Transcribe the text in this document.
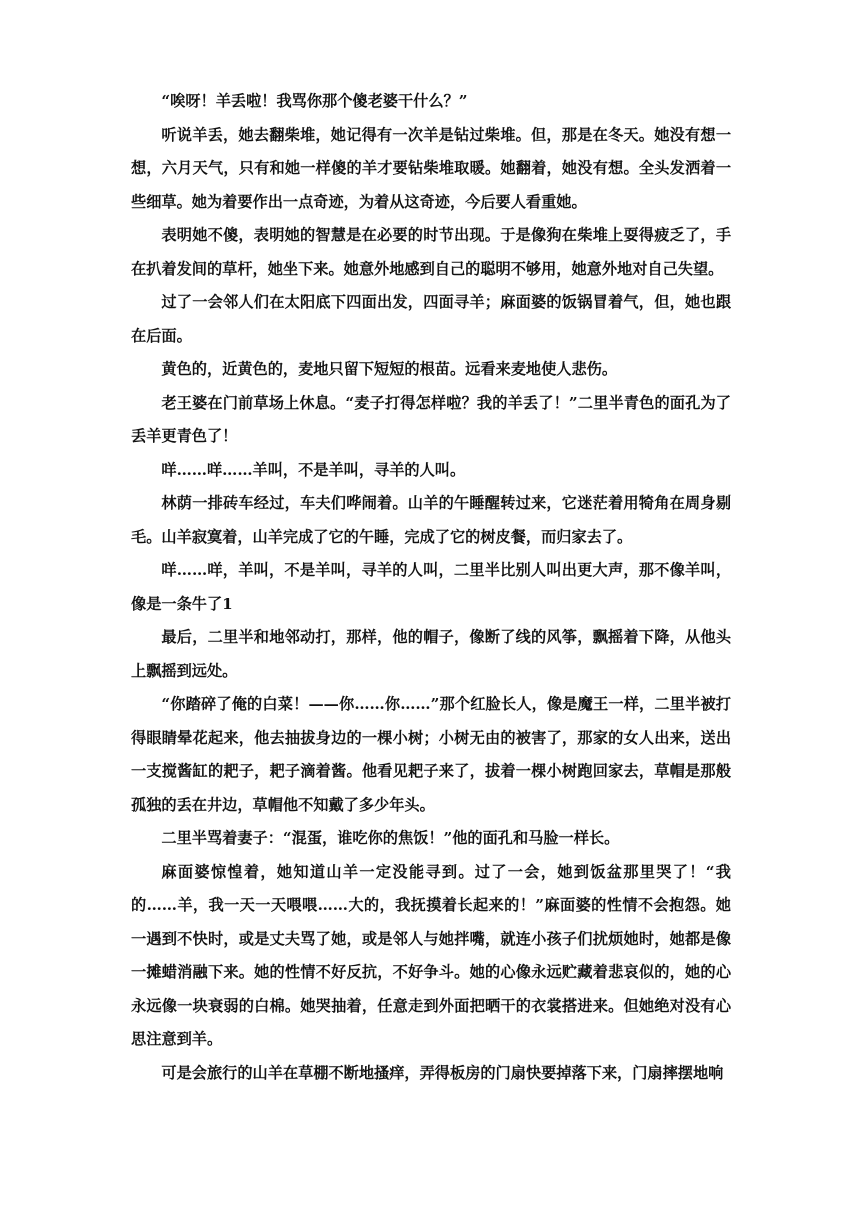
“唉呀！羊丢啦！我骂你那个傻老婆干什么？”

听说羊丢，她去翻柴堆，她记得有一次羊是钻过柴堆。但，那是在冬天。她没有想一想，六月天气，只有和她一样傻的羊才要钻柴堆取暖。她翻着，她没有想。全头发洒着一些细草。她为着要作出一点奇迹，为着从这奇迹，今后要人看重她。

表明她不傻，表明她的智慧是在必要的时节出现。于是像狗在柴堆上耍得疲乏了，手在扒着发间的草杆，她坐下来。她意外地感到自己的聪明不够用，她意外地对自己失望。

过了一会邻人们在太阳底下四面出发，四面寻羊；麻面婆的饭锅冒着气，但，她也跟在后面。

黄色的，近黄色的，麦地只留下短短的根苗。远看来麦地使人悲伤。

老王婆在门前草场上休息。“麦子打得怎样啦？我的羊丢了！”二里半青色的面孔为了丢羊更青色了！

咩……咩……羊叫，不是羊叫，寻羊的人叫。

林荫一排砖车经过，车夫们哗闹着。山羊的午睡醒转过来，它迷茫着用犄角在周身剔毛。山羊寂寞着，山羊完成了它的午睡，完成了它的树皮餐，而归家去了。

咩……咩，羊叫，不是羊叫，寻羊的人叫，二里半比别人叫出更大声，那不像羊叫，像是一条牛了1

最后，二里半和地邻动打，那样，他的帽子，像断了线的风筝，飘摇着下降，从他头上飘摇到远处。

“你踏碎了俺的白菜！——你……你……”那个红脸长人，像是魔王一样，二里半被打得眼睛晕花起来，他去抽拔身边的一棵小树；小树无由的被害了，那家的女人出来，送出一支搅酱缸的耙子，耙子滴着酱。他看见耙子来了，拔着一棵小树跑回家去，草帽是那般孤独的丢在井边，草帽他不知戴了多少年头。

二里半骂着妻子：“混蛋，谁吃你的焦饭！”他的面孔和马脸一样长。

麻面婆惊惶着，她知道山羊一定没能寻到。过了一会，她到饭盆那里哭了！“我的……羊，我一天一天喂喂……大的，我抚摸着长起来的！”麻面婆的性情不会抱怨。她一遇到不快时，或是丈夫骂了她，或是邻人与她拌嘴，就连小孩子们扰烦她时，她都是像一摊蜡消融下来。她的性情不好反抗，不好争斗。她的心像永远贮藏着悲哀似的，她的心永远像一块衰弱的白棉。她哭抽着，任意走到外面把晒干的衣裳搭进来。但她绝对没有心思注意到羊。

可是会旅行的山羊在草棚不断地搔痒，弄得板房的门扇快要掉落下来，门扇摔摆地响
